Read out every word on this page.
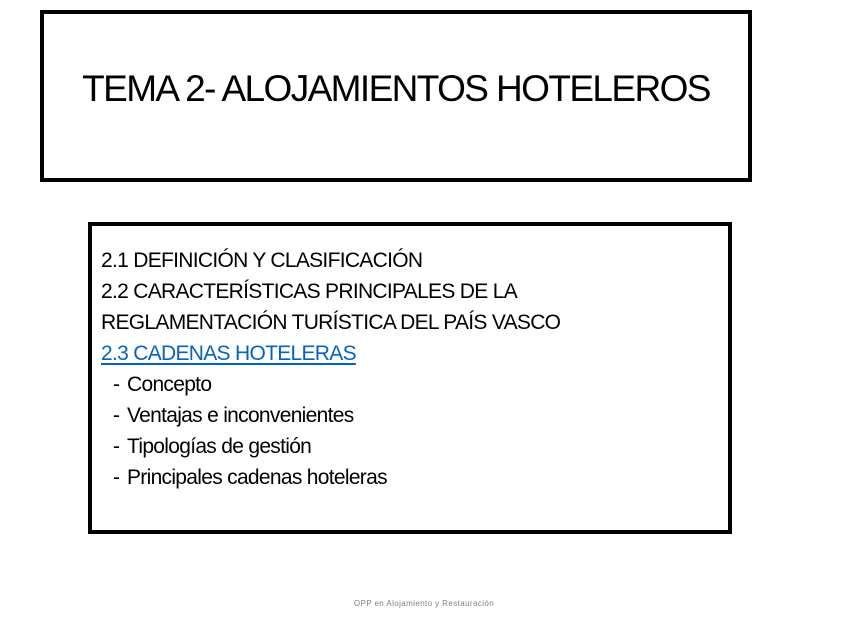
TEMA 2- ALOJAMIENTOS HOTELEROS
2.1 DEFINICIÓN Y CLASIFICACIÓN
2.2 CARACTERÍSTICAS PRINCIPALES DE LA
REGLAMENTACIÓN TURÍSTICA DEL PAÍS VASCO
2.3 CADENAS HOTELERAS
- Concepto
- Ventajas e inconvenientes
- Tipologías de gestión
- Principales cadenas hoteleras
OPP en Alojamiento y Restauración
